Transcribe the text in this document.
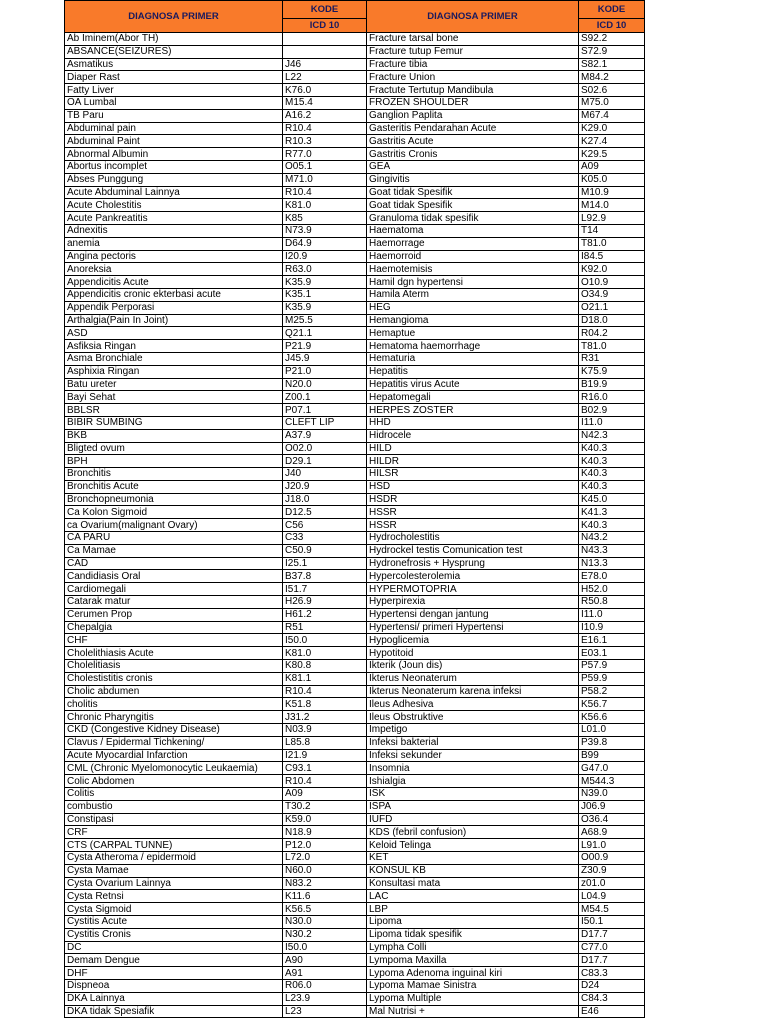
DIAGNOSA PRIMER	KODE	DIAGNOSA PRIMER	KODE
	ICD 10		ICD 10
Ab Iminem(Abor TH)		Fracture tarsal bone	S92.2
ABSANCE(SEIZURES)		Fracture tutup Femur	S72.9
Asmatikus	J46	Fracture tibia	S82.1
Diaper Rast	L22	Fracture Union	M84.2
Fatty Liver	K76.0	Fractute Tertutup Mandibula	S02.6
OA Lumbal	M15.4	FROZEN SHOULDER	M75.0
TB Paru	A16.2	Ganglion Paplita	M67.4
Abduminal pain	R10.4	Gasteritis Pendarahan Acute	K29.0
Abduminal Paint	R10.3	Gastritis Acute	K27.4
Abnormal Albumin	R77.0	Gastritis Cronis	K29.5
Abortus incomplet	O05.1	GEA	A09
Abses Punggung	M71.0	Gingivitis	K05.0
Acute Abduminal Lainnya	R10.4	Goat tidak Spesifik	M10.9
Acute Cholestitis	K81.0	Goat tidak Spesifik	M14.0
Acute Pankreatitis	K85	Granuloma tidak spesifik	L92.9
Adnexitis	N73.9	Haematoma	T14
anemia	D64.9	Haemorrage	T81.0
Angina pectoris	I20.9	Haemorroid	I84.5
Anoreksia	R63.0	Haemotemisis	K92.0
Appendicitis Acute	K35.9	Hamil dgn hypertensi	O10.9
Appendicitis cronic ekterbasi acute	K35.1	Hamila Aterm	O34.9
Appendik Perporasi	K35.9	HEG	O21.1
Arthalgia(Pain In Joint)	M25.5	Hemangioma	D18.0
ASD	Q21.1	Hemaptue	R04.2
Asfiksia Ringan	P21.9	Hematoma haemorrhage	T81.0
Asma Bronchiale	J45.9	Hematuria	R31
Asphixia Ringan	P21.0	Hepatitis	K75.9
Batu ureter	N20.0	Hepatitis virus Acute	B19.9
Bayi Sehat	Z00.1	Hepatomegali	R16.0
BBLSR	P07.1	HERPES ZOSTER	B02.9
BIBIR SUMBING	CLEFT LIP	HHD	I11.0
BKB	A37.9	Hidrocele	N42.3
Bligted ovum	O02.0	HILD	K40.3
BPH	D29.1	HILDR	K40.3
Bronchitis	J40	HILSR	K40.3
Bronchitis Acute	J20.9	HSD	K40.3
Bronchopneumonia	J18.0	HSDR	K45.0
Ca Kolon Sigmoid	D12.5	HSSR	K41.3
ca Ovarium(malignant Ovary)	C56	HSSR	K40.3
CA PARU	C33	Hydrocholestitis	N43.2
Ca Mamae	C50.9	Hydrockel testis Comunication test	N43.3
CAD	I25.1	Hydronefrosis + Hysprung	N13.3
Candidiasis Oral	B37.8	Hypercolesterolemia	E78.0
Cardiomegali	I51.7	HYPERMOTOPRIA	H52.0
Catarak matur	H26.9	Hyperpirexia	R50.8
Cerumen Prop	H61.2	Hypertensi dengan jantung	I11.0
Chepalgia	R51	Hypertensi/ primeri Hypertensi	I10.9
CHF	I50.0	Hypoglicemia	E16.1
Cholelithiasis Acute	K81.0	Hypotitoid	E03.1
Cholelitiasis	K80.8	Ikterik (Joun dis)	P57.9
Cholestistitis cronis	K81.1	Ikterus Neonaterum	P59.9
Cholic abdumen	R10.4	Ikterus Neonaterum karena infeksi	P58.2
cholitis	K51.8	Ileus Adhesiva	K56.7
Chronic Pharyngitis	J31.2	Ileus Obstruktive	K56.6
CKD (Congestive Kidney Disease)	N03.9	Impetigo	L01.0
Clavus / Epidermal Tichkening/	L85.8	Infeksi bakterial	P39.8
Acute Myocardial Infarction	I21.9	Infeksi sekunder	B99
CML (Chronic Myelomonocytic Leukaemia)	C93.1	Insomnia	G47.0
Colic Abdomen	R10.4	Ishialgia	M544.3
Colitis	A09	ISK	N39.0
combustio	T30.2	ISPA	J06.9
Constipasi	K59.0	IUFD	O36.4
CRF	N18.9	KDS (febril confusion)	A68.9
CTS (CARPAL TUNNE)	P12.0	Keloid Telinga	L91.0
Cysta Atheroma / epidermoid	L72.0	KET	O00.9
Cysta Mamae	N60.0	KONSUL KB	Z30.9
Cysta Ovarium Lainnya	N83.2	Konsultasi mata	z01.0
Cysta Retnsi	K11.6	LAC	L04.9
Cysta Sigmoid	K56.5	LBP	M54.5
Cystitis Acute	N30.0	Lipoma	I50.1
Cystitis Cronis	N30.2	Lipoma tidak spesifik	D17.7
DC	I50.0	Lympha Colli	C77.0
Demam Dengue	A90	Lympoma Maxilla	D17.7
DHF	A91	Lypoma Adenoma inguinal kiri	C83.3
Dispneoa	R06.0	Lypoma Mamae Sinistra	D24
DKA Lainnya	L23.9	Lypoma Multiple	C84.3
DKA tidak Spesiafik	L23	Mal Nutrisi +	E46
